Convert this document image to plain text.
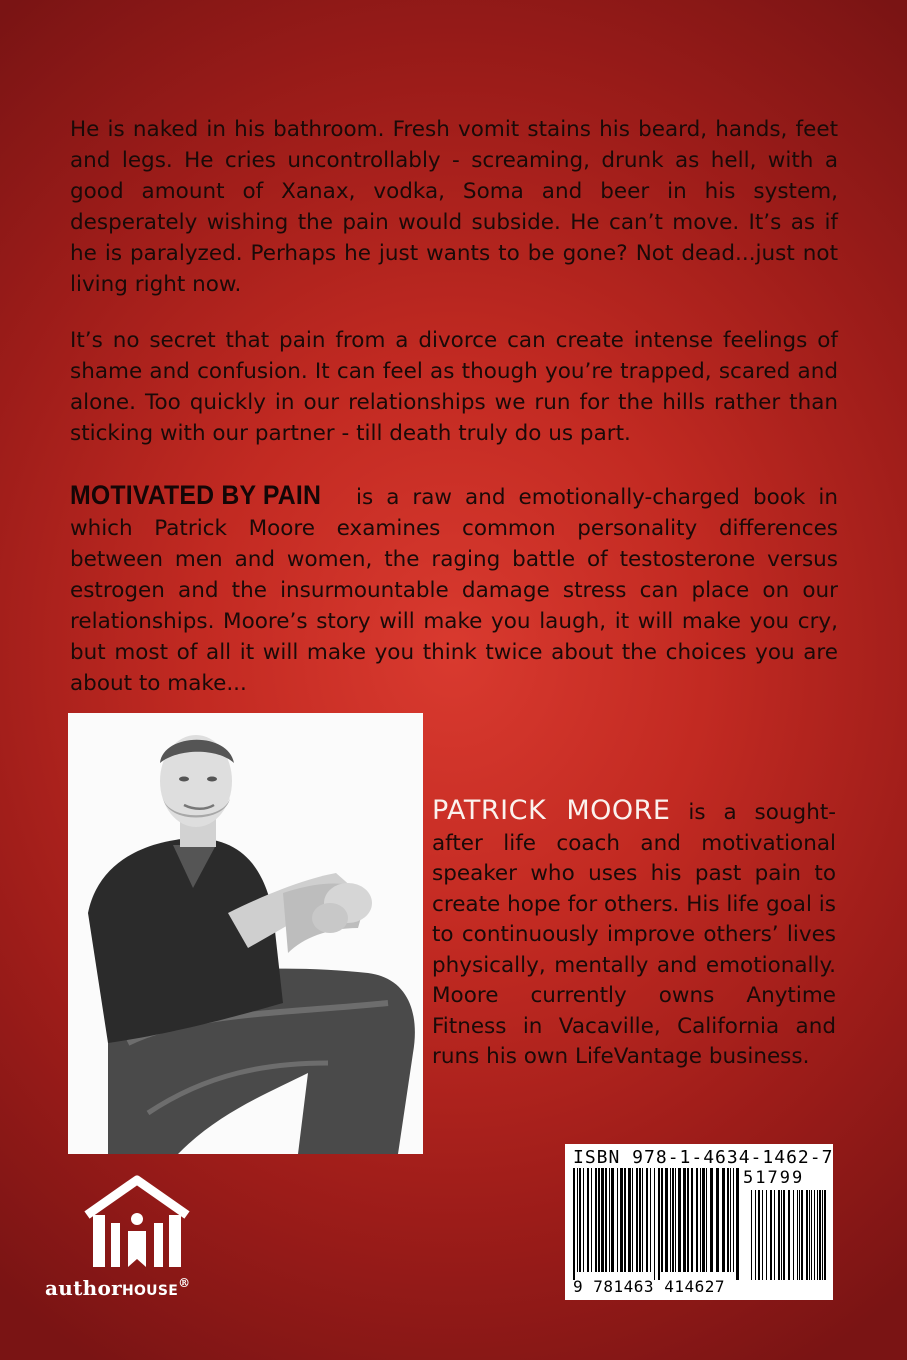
He is naked in his bathroom. Fresh vomit stains his beard, hands, feet and legs. He cries uncontrollably - screaming, drunk as hell, with a good amount of Xanax, vodka, Soma and beer in his system, desperately wishing the pain would subside. He can’t move. It’s as if he is paralyzed. Perhaps he just wants to be gone? Not dead...just not living right now.

It’s no secret that pain from a divorce can create intense feelings of shame and confusion. It can feel as though you’re trapped, scared and alone. Too quickly in our relationships we run for the hills rather than sticking with our partner - till death truly do us part.

MOTIVATED BY PAIN is a raw and emotionally-charged book in which Patrick Moore examines common personality differences between men and women, the raging battle of testosterone versus estrogen and the insurmountable damage stress can place on our relationships. Moore’s story will make you laugh, it will make you cry, but most of all it will make you think twice about the choices you are about to make...

PATRICK MOORE is a sought-after life coach and motivational speaker who uses his past pain to create hope for others. His life goal is to continuously improve others’ lives physically, mentally and emotionally. Moore currently owns Anytime Fitness in Vacaville, California and runs his own LifeVantage business.

ISBN 978-1-4634-1462-7
51799
9 781463 414627
authorHOUSE®
